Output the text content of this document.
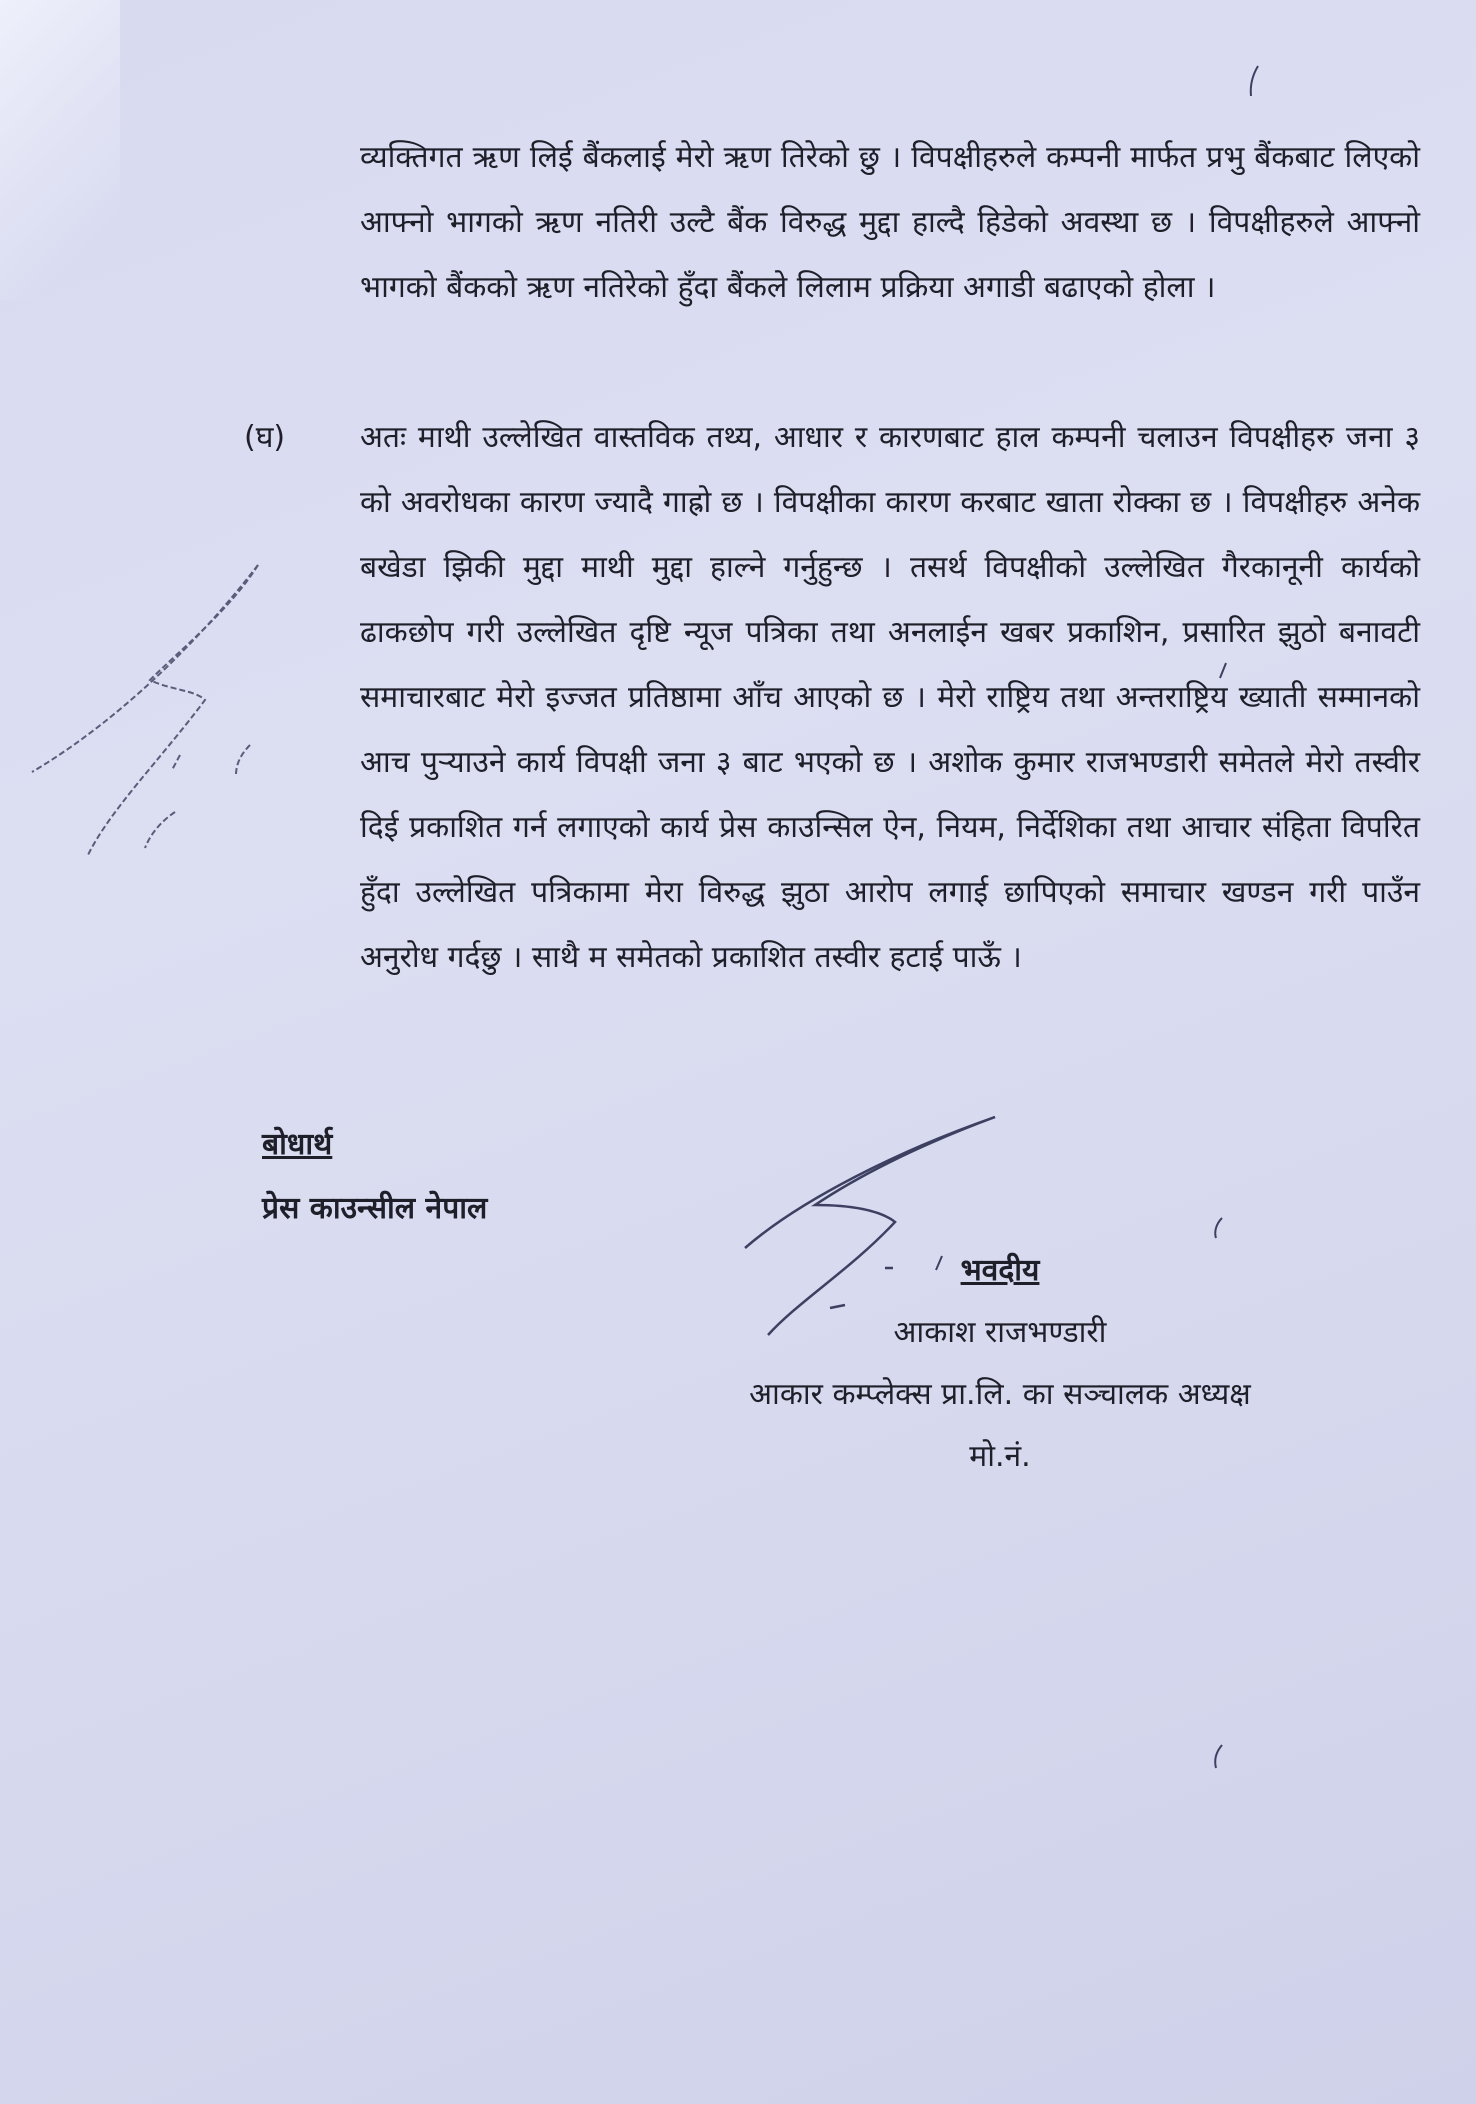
व्यक्तिगत ऋण लिई बैंकलाई मेरो ऋण तिरेको छु । विपक्षीहरुले कम्पनी मार्फत प्रभु बैंकबाट लिएको आफ्नो भागको ऋण नतिरी उल्टै बैंक विरुद्ध मुद्दा हाल्दै हिडेको अवस्था छ । विपक्षीहरुले आफ्नो भागको बैंकको ऋण नतिरेको हुँदा बैंकले लिलाम प्रक्रिया अगाडी बढाएको होला ।

(घ) अतः माथी उल्लेखित वास्तविक तथ्य, आधार र कारणबाट हाल कम्पनी चलाउन विपक्षीहरु जना ३ को अवरोधका कारण ज्यादै गाह्रो छ । विपक्षीका कारण करबाट खाता रोक्का छ । विपक्षीहरु अनेक बखेडा झिकी मुद्दा माथी मुद्दा हाल्ने गर्नुहुन्छ । तसर्थ विपक्षीको उल्लेखित गैरकानूनी कार्यको ढाकछोप गरी उल्लेखित दृष्टि न्यूज पत्रिका तथा अनलाईन खबर प्रकाशिन, प्रसारित झुठो बनावटी समाचारबाट मेरो इज्जत प्रतिष्ठामा आँच आएको छ । मेरो राष्ट्रिय तथा अन्तराष्ट्रिय ख्याती सम्मानको आच पुऱ्याउने कार्य विपक्षी जना ३ बाट भएको छ । अशोक कुमार राजभण्डारी समेतले मेरो तस्वीर दिई प्रकाशित गर्न लगाएको कार्य प्रेस काउन्सिल ऐन, नियम, निर्देशिका तथा आचार संहिता विपरित हुँदा उल्लेखित पत्रिकामा मेरा विरुद्ध झुठा आरोप लगाई छापिएको समाचार खण्डन गरी पाउँन अनुरोध गर्दछु । साथै म समेतको प्रकाशित तस्वीर हटाई पाऊँ ।

बोधार्थ
प्रेस काउन्सील नेपाल
भवदीय
आकाश राजभण्डारी
आकार कम्प्लेक्स प्रा.लि. का सञ्चालक अध्यक्ष
मो.नं.
